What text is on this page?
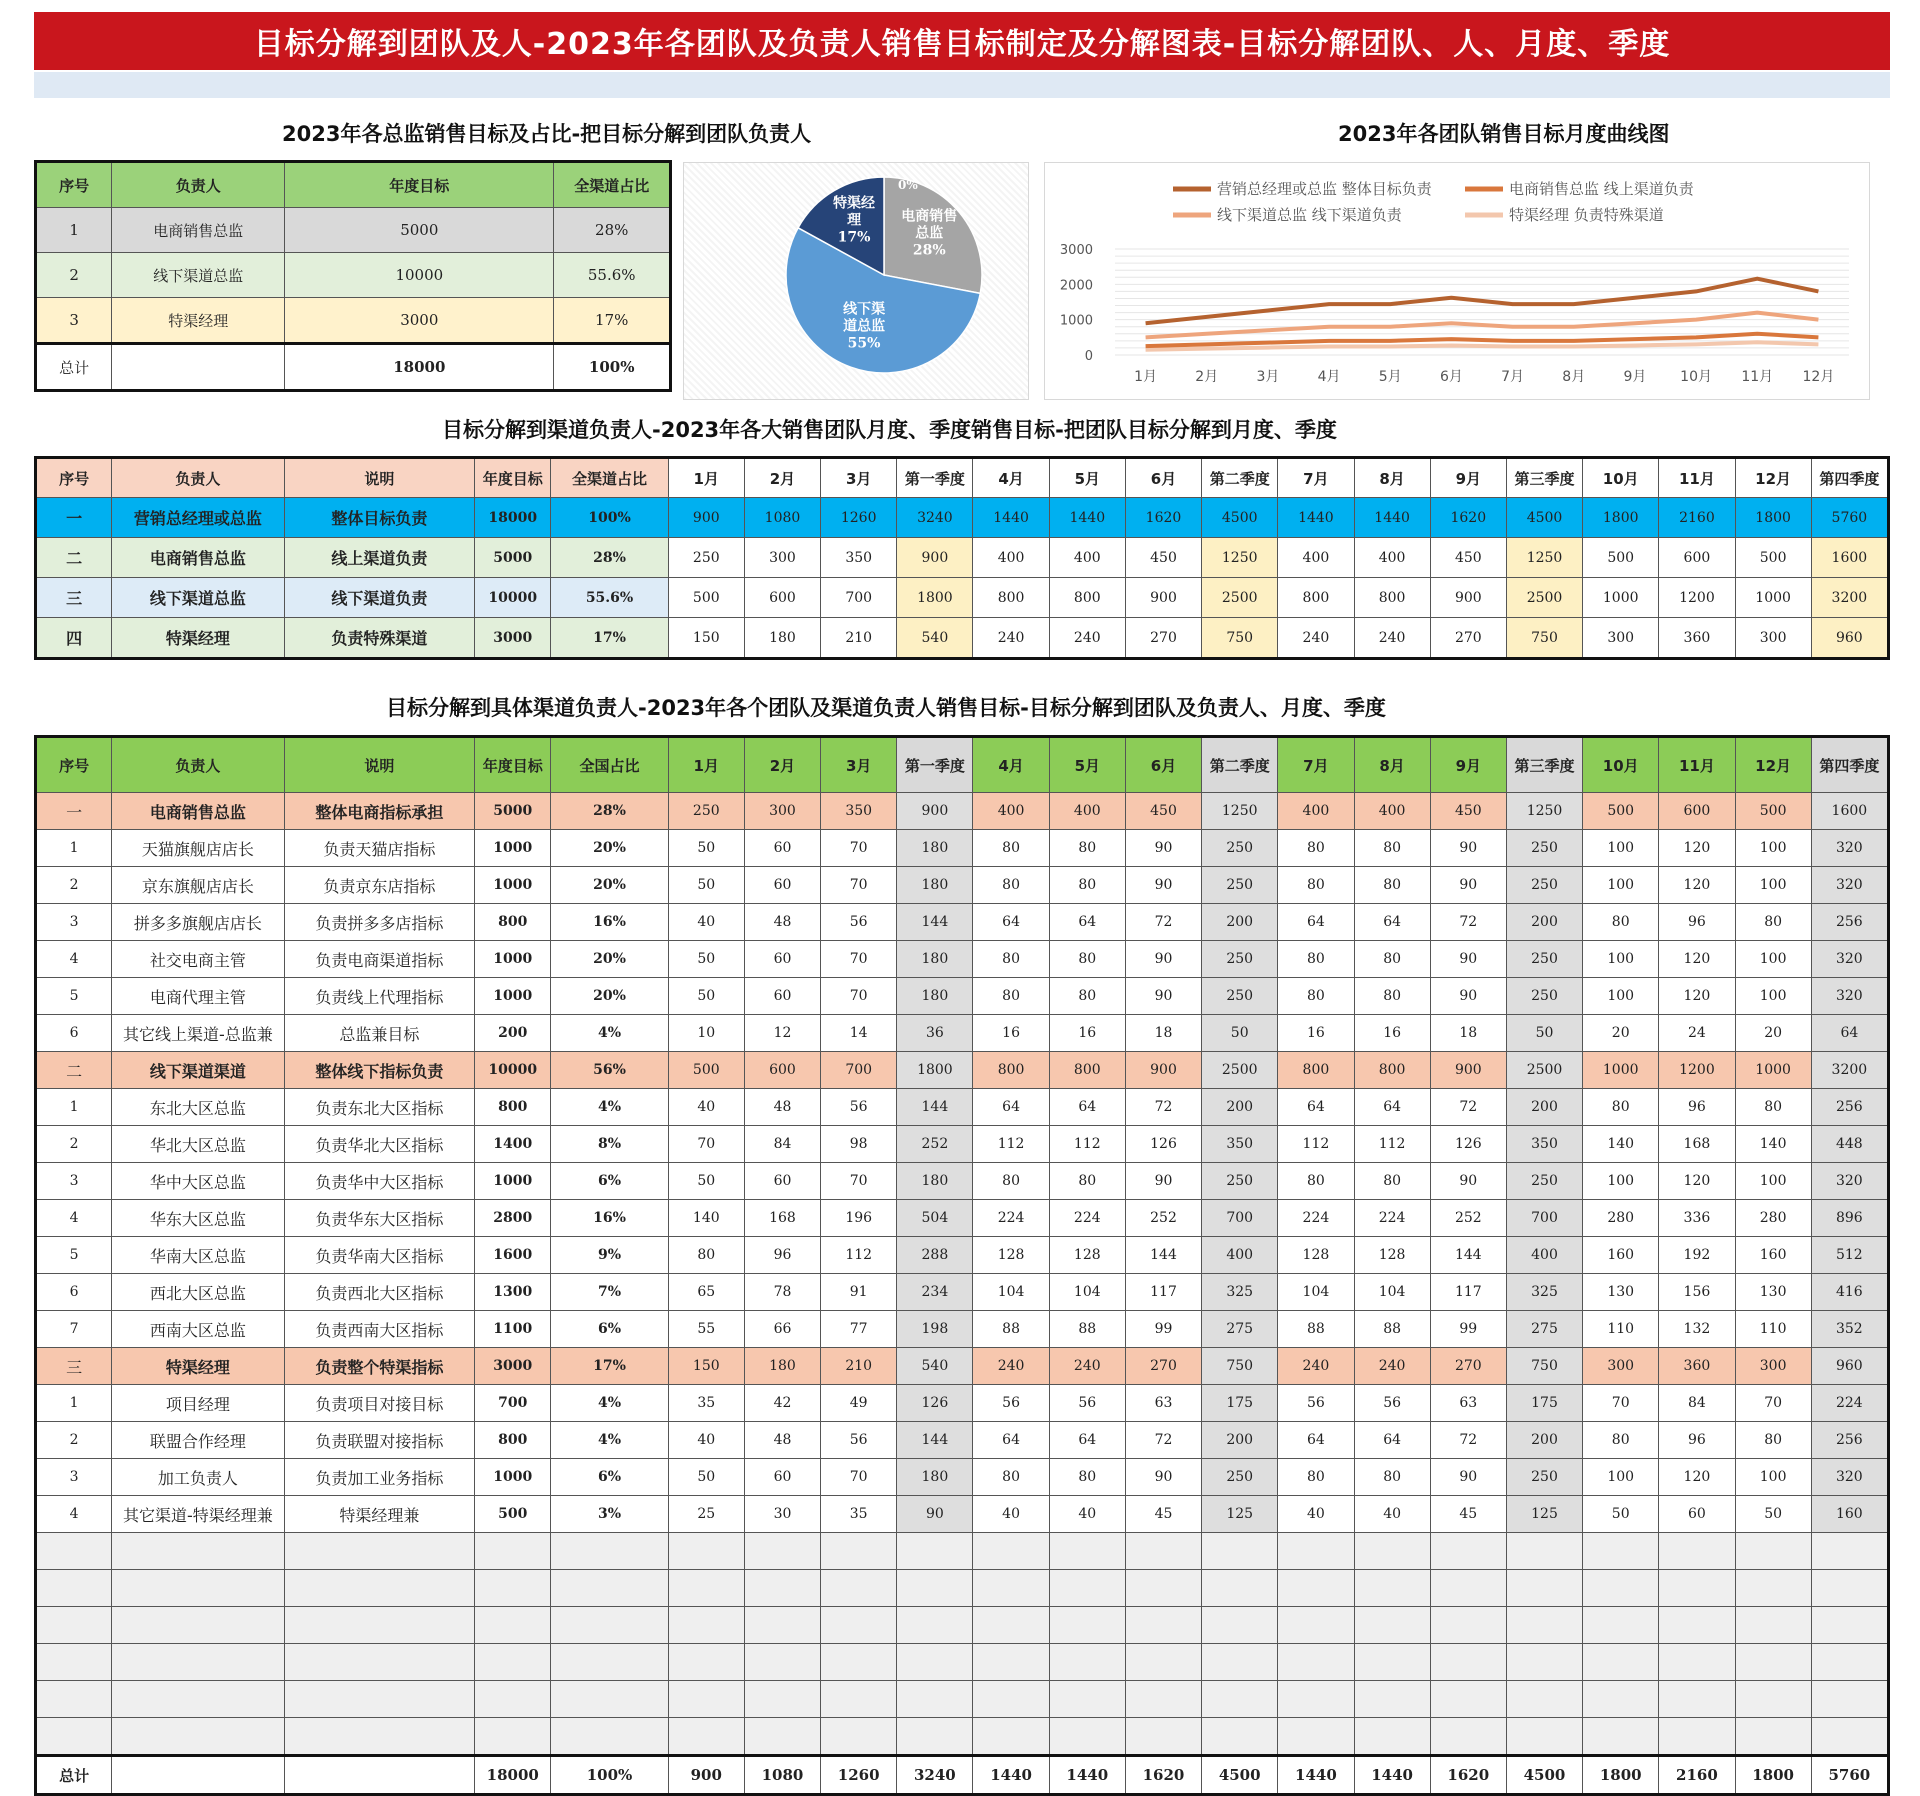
目标分解到团队及人-2023年各团队及负责人销售目标制定及分解图表-目标分解团队、人、月度、季度
2023年各总监销售目标及占比-把目标分解到团队负责人	2023年各团队销售目标月度曲线图
序号	负责人	年度目标	全渠道占比
1	电商销售总监	5000	28%
2	线下渠道总监	10000	55.6%
3	特渠经理	3000	17%
总计		18000	100%
电商销售总监 28%
线下渠道总监 55%
特渠经理 17%
0%
0
1000
2000
3000
1月	2月	3月	4月	5月	6月	7月	8月	9月 10月 11月 12月
营销总经理或总监 整体目标负责	电商销售总监 线上渠道负责
线下渠道总监 线下渠道负责	特渠经理 负责特殊渠道
目标分解到渠道负责人-2023年各大销售团队月度、季度销售目标-把团队目标分解到月度、季度
序号	负责人	说明	年度目标	全渠道占比	1月	2月	3月	第一季度	4月	5月	6月	第二季度	7月	8月	9月	第三季度	10月	11月	12月	第四季度
一	营销总经理或总监	整体目标负责	18000	100%	900	1080	1260	3240	1440	1440	1620	4500	1440	1440	1620	4500	1800	2160	1800	5760
二	电商销售总监	线上渠道负责	5000	28%	250	300	350	900	400	400	450	1250	400	400	450	1250	500	600	500	1600
三	线下渠道总监	线下渠道负责	10000	55.6%	500	600	700	1800	800	800	900	2500	800	800	900	2500	1000	1200	1000	3200
四	特渠经理	负责特殊渠道	3000	17%	150	180	210	540	240	240	270	750	240	240	270	750	300	360	300	960
目标分解到具体渠道负责人-2023年各个团队及渠道负责人销售目标-目标分解到团队及负责人、月度、季度
序号	负责人	说明	年度目标	全国占比	1月	2月	3月	第一季度	4月	5月	6月	第二季度	7月	8月	9月	第三季度	10月	11月	12月	第四季度
一	电商销售总监	整体电商指标承担	5000	28%	250	300	350	900	400	400	450	1250	400	400	450	1250	500	600	500	1600
1	天猫旗舰店店长	负责天猫店指标	1000	20%	50	60	70	180	80	80	90	250	80	80	90	250	100	120	100	320
2	京东旗舰店店长	负责京东店指标	1000	20%	50	60	70	180	80	80	90	250	80	80	90	250	100	120	100	320
3	拼多多旗舰店店长	负责拼多多店指标	800	16%	40	48	56	144	64	64	72	200	64	64	72	200	80	96	80	256
4	社交电商主管	负责电商渠道指标	1000	20%	50	60	70	180	80	80	90	250	80	80	90	250	100	120	100	320
5	电商代理主管	负责线上代理指标	1000	20%	50	60	70	180	80	80	90	250	80	80	90	250	100	120	100	320
6	其它线上渠道-总监兼	总监兼目标	200	4%	10	12	14	36	16	16	18	50	16	16	18	50	20	24	20	64
二	线下渠道渠道	整体线下指标负责	10000	56%	500	600	700	1800	800	800	900	2500	800	800	900	2500	1000	1200	1000	3200
1	东北大区总监	负责东北大区指标	800	4%	40	48	56	144	64	64	72	200	64	64	72	200	80	96	80	256
2	华北大区总监	负责华北大区指标	1400	8%	70	84	98	252	112	112	126	350	112	112	126	350	140	168	140	448
3	华中大区总监	负责华中大区指标	1000	6%	50	60	70	180	80	80	90	250	80	80	90	250	100	120	100	320
4	华东大区总监	负责华东大区指标	2800	16%	140	168	196	504	224	224	252	700	224	224	252	700	280	336	280	896
5	华南大区总监	负责华南大区指标	1600	9%	80	96	112	288	128	128	144	400	128	128	144	400	160	192	160	512
6	西北大区总监	负责西北大区指标	1300	7%	65	78	91	234	104	104	117	325	104	104	117	325	130	156	130	416
7	西南大区总监	负责西南大区指标	1100	6%	55	66	77	198	88	88	99	275	88	88	99	275	110	132	110	352
三	特渠经理	负责整个特渠指标	3000	17%	150	180	210	540	240	240	270	750	240	240	270	750	300	360	300	960
1	项目经理	负责项目对接目标	700	4%	35	42	49	126	56	56	63	175	56	56	63	175	70	84	70	224
2	联盟合作经理	负责联盟对接指标	800	4%	40	48	56	144	64	64	72	200	64	64	72	200	80	96	80	256
3	加工负责人	负责加工业务指标	1000	6%	50	60	70	180	80	80	90	250	80	80	90	250	100	120	100	320
4	其它渠道-特渠经理兼	特渠经理兼	500	3%	25	30	35	90	40	40	45	125	40	40	45	125	50	60	50	160

总计			18000	100%	900	1080	1260	3240	1440	1440	1620	4500	1440	1440	1620	4500	1800	2160	1800	5760
